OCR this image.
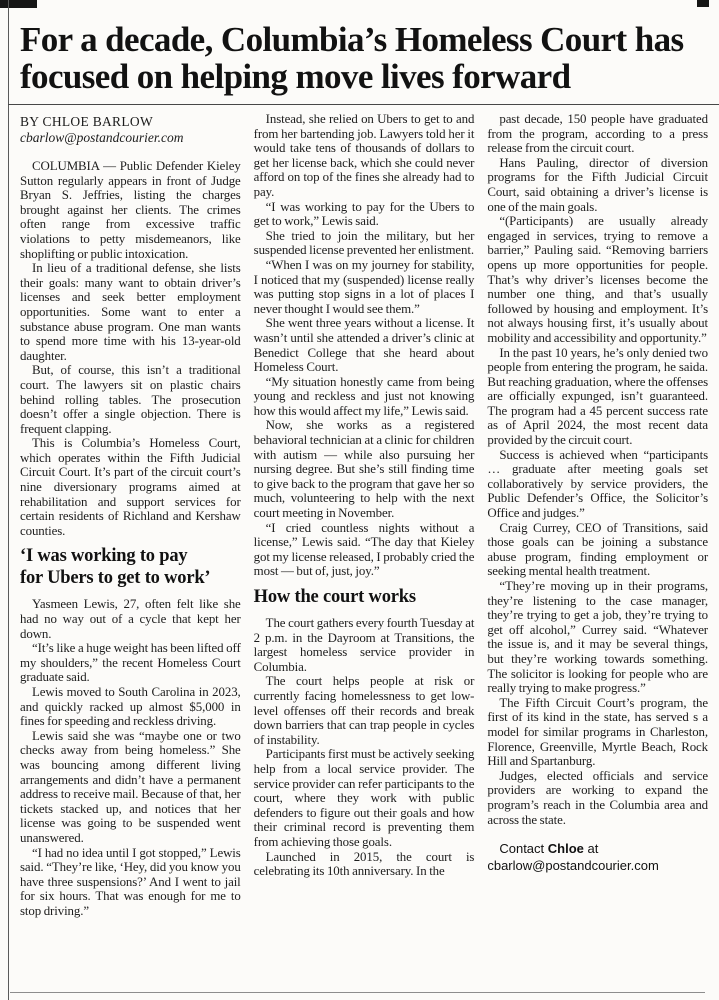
For a decade, Columbia’s Homeless Court has focused on helping move lives forward
BY CHLOE BARLOW
cbarlow@postandcourier.com

COLUMBIA — Public Defender Kieley Sutton regularly appears in front of Judge Bryan S. Jeffries, listing the charges brought against her clients. The crimes often range from excessive traffic violations to petty misdemeanors, like shoplifting or public intoxication.

In lieu of a traditional defense, she lists their goals: many want to obtain driver’s licenses and seek better employment opportunities. Some want to enter a substance abuse program. One man wants to spend more time with his 13-year-old daughter.

But, of course, this isn’t a traditional court. The lawyers sit on plastic chairs behind rolling tables. The prosecution doesn’t offer a single objection. There is frequent clapping.

This is Columbia’s Homeless Court, which operates within the Fifth Judicial Circuit Court. It’s part of the circuit court’s nine diversionary programs aimed at rehabilitation and support services for certain residents of Richland and Kershaw counties.

‘I was working to pay
for Ubers to get to work’

Yasmeen Lewis, 27, often felt like she had no way out of a cycle that kept her down.

“It’s like a huge weight has been lifted off my shoulders,” the recent Homeless Court graduate said.

Lewis moved to South Carolina in 2023, and quickly racked up almost $5,000 in fines for speeding and reckless driving.

Lewis said she was “maybe one or two checks away from being homeless.” She was bouncing among different living arrangements and didn’t have a permanent address to receive mail. Because of that, her tickets stacked up, and notices that her license was going to be suspended went unanswered.

“I had no idea until I got stopped,” Lewis said. “They’re like, ‘Hey, did you know you have three suspensions?’ And I went to jail for six hours. That was enough for me to stop driving.”

Instead, she relied on Ubers to get to and from her bartending job. Lawyers told her it would take tens of thousands of dollars to get her license back, which she could never afford on top of the fines she already had to pay.

“I was working to pay for the Ubers to get to work,” Lewis said.

She tried to join the military, but her suspended license prevented her enlistment.

“When I was on my journey for stability, I noticed that my (suspended) license really was putting stop signs in a lot of places I never thought I would see them.”

She went three years without a license. It wasn’t until she attended a driver’s clinic at Benedict College that she heard about Homeless Court.

“My situation honestly came from being young and reckless and just not knowing how this would affect my life,” Lewis said.

Now, she works as a registered behavioral technician at a clinic for children with autism — while also pursuing her nursing degree. But she’s still finding time to give back to the program that gave her so much, volunteering to help with the next court meeting in November.

“I cried countless nights without a license,” Lewis said. “The day that Kieley got my license released, I probably cried the most — but of, just, joy.”

How the court works

The court gathers every fourth Tuesday at 2 p.m. in the Dayroom at Transitions, the largest homeless service provider in Columbia.

The court helps people at risk or currently facing homelessness to get low-level offenses off their records and break down barriers that can trap people in cycles of instability.

Participants first must be actively seeking help from a local service provider. The service provider can refer participants to the court, where they work with public defenders to figure out their goals and how their criminal record is preventing them from achieving those goals.

Launched in 2015, the court is celebrating its 10th anniversary. In the

past decade, 150 people have graduated from the program, according to a press release from the circuit court.

Hans Pauling, director of diversion programs for the Fifth Judicial Circuit Court, said obtaining a driver’s license is one of the main goals.

“(Participants) are usually already engaged in services, trying to remove a barrier,” Pauling said. “Removing barriers opens up more opportunities for people. That’s why driver’s licenses become the number one thing, and that’s usually followed by housing and employment. It’s not always housing first, it’s usually about mobility and accessibility and opportunity.”

In the past 10 years, he’s only denied two people from entering the program, he saida. But reaching graduation, where the offenses are officially expunged, isn’t guaranteed. The program had a 45 percent success rate as of April 2024, the most recent data provided by the circuit court.

Success is achieved when “participants … graduate after meeting goals set collaboratively by service providers, the Public Defender’s Office, the Solicitor’s Office and judges.”

Craig Currey, CEO of Transitions, said those goals can be joining a substance abuse program, finding employment or seeking mental health treatment.

“They’re moving up in their programs, they’re listening to the case manager, they’re trying to get a job, they’re trying to get off alcohol,” Currey said. “Whatever the issue is, and it may be several things, but they’re working towards something. The solicitor is looking for people who are really trying to make progress.”

The Fifth Circuit Court’s program, the first of its kind in the state, has served s a model for similar programs in Charleston, Florence, Greenville, Myrtle Beach, Rock Hill and Spartanburg.

Judges, elected officials and service providers are working to expand the program’s reach in the Columbia area and across the state.

Contact Chloe at cbarlow@postandcourier.com
